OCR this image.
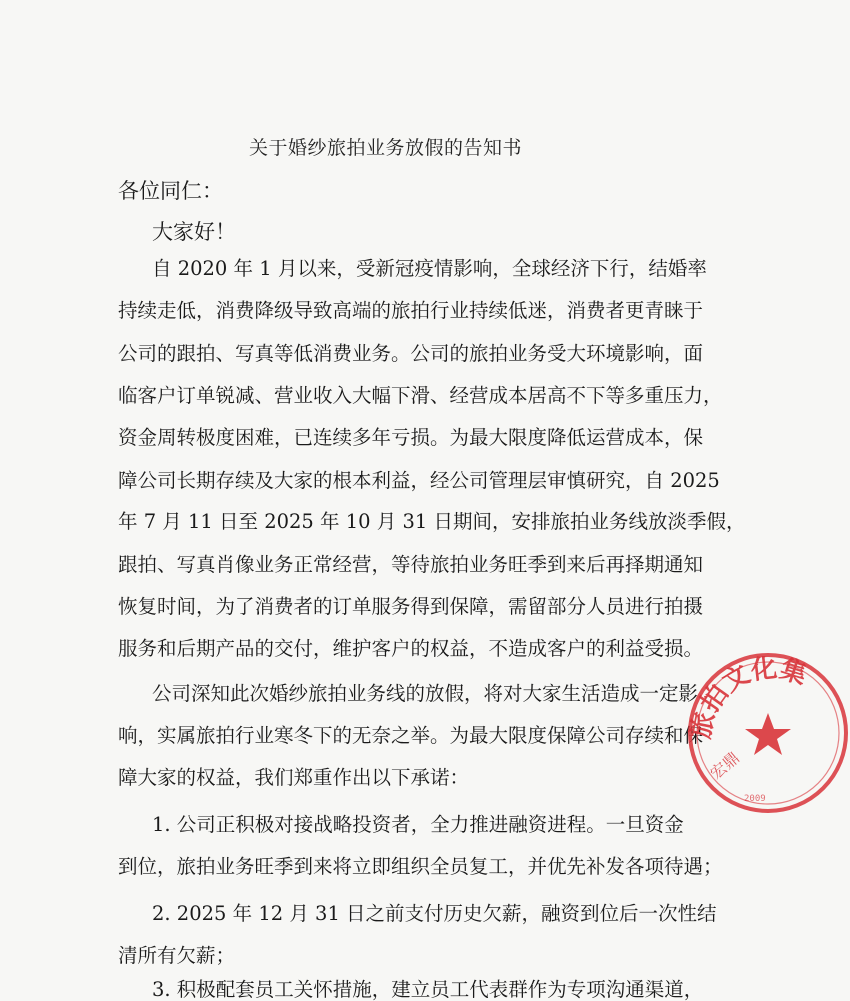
关于婚纱旅拍业务放假的告知书
各位同仁：
大家好！
自 2020 年 1 月以来，受新冠疫情影响，全球经济下行，结婚率
持续走低，消费降级导致高端的旅拍行业持续低迷，消费者更青睐于
公司的跟拍、写真等低消费业务。公司的旅拍业务受大环境影响，面
临客户订单锐减、营业收入大幅下滑、经营成本居高不下等多重压力，
资金周转极度困难，已连续多年亏损。为最大限度降低运营成本，保
障公司长期存续及大家的根本利益，经公司管理层审慎研究，自 2025
年 7 月 11 日至 2025 年 10 月 31 日期间，安排旅拍业务线放淡季假，
跟拍、写真肖像业务正常经营，等待旅拍业务旺季到来后再择期通知
恢复时间，为了消费者的订单服务得到保障，需留部分人员进行拍摄
服务和后期产品的交付，维护客户的权益，不造成客户的利益受损。
公司深知此次婚纱旅拍业务线的放假，将对大家生活造成一定影
响，实属旅拍行业寒冬下的无奈之举。为最大限度保障公司存续和保
障大家的权益，我们郑重作出以下承诺：
1. 公司正积极对接战略投资者，全力推进融资进程。一旦资金
到位，旅拍业务旺季到来将立即组织全员复工，并优先补发各项待遇；
2. 2025 年 12 月 31 日之前支付历史欠薪，融资到位后一次性结
清所有欠薪；
3. 积极配套员工关怀措施，建立员工代表群作为专项沟通渠道，
旅拍文化集
宏鼎
2009
